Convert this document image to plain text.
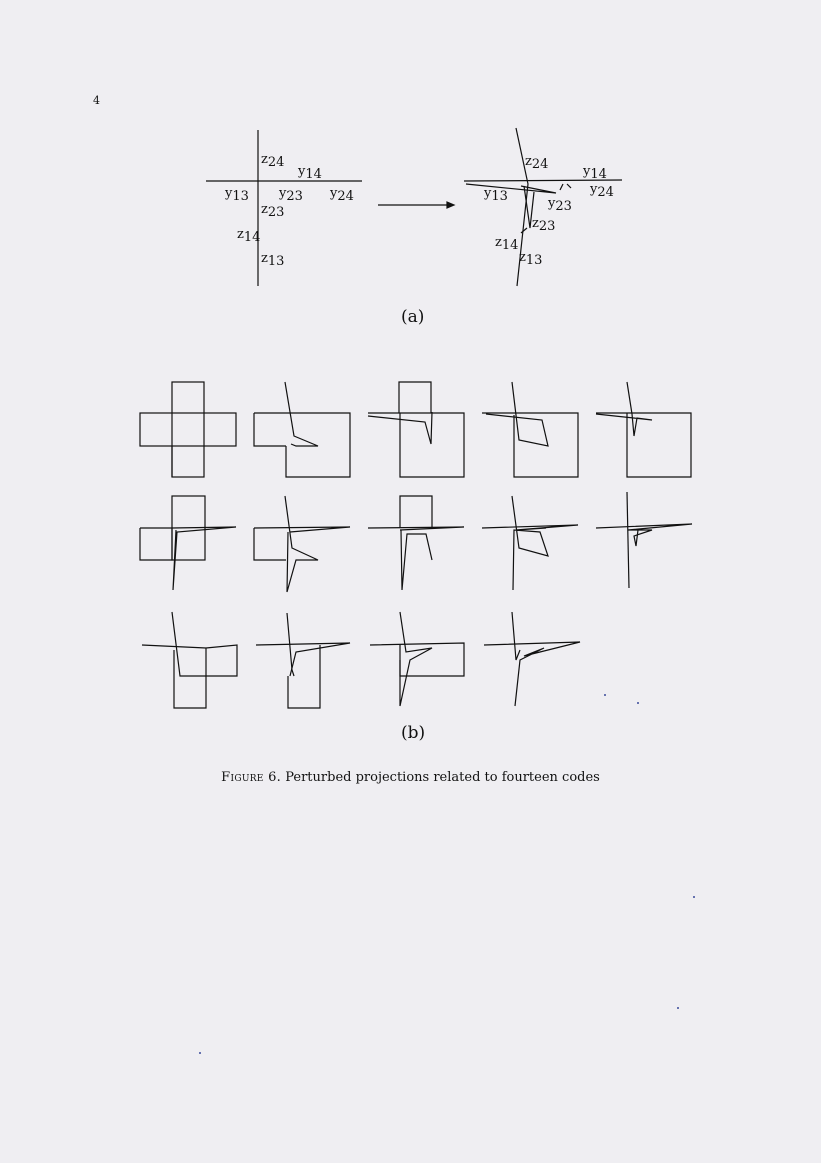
4
z24
y14
y13 y23 y24
z23
z14
z13
z24	y14
y13	y24
y23
z23
z14
z13
(a)
(b)
Figure 6. Perturbed projections related to fourteen codes
